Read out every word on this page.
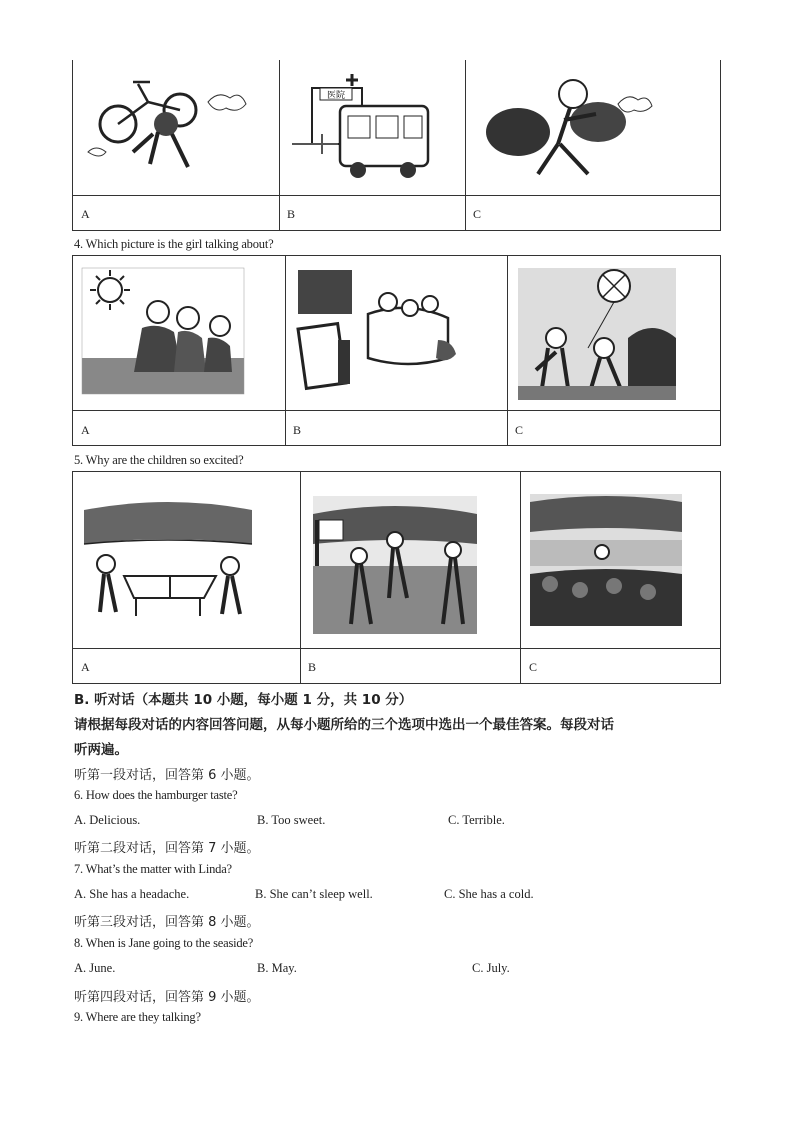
医院
A	B	C
4. Which picture is the girl talking about?
A	B	C
5. Why are the children so excited?
A	B	C
B. 听对话（本题共 10 小题，每小题 1 分，共 10 分）
请根据每段对话的内容回答问题，从每小题所给的三个选项中选出一个最佳答案。每段对话
听两遍。
听第一段对话，回答第 6 小题。
6. How does the hamburger taste?
A. Delicious.	B. Too sweet.	C. Terrible.
听第二段对话，回答第 7 小题。
7. What’s the matter with Linda?
A. She has a headache.	B. She can’t sleep well.	C. She has a cold.
听第三段对话，回答第 8 小题。
8. When is Jane going to the seaside?
A. June.	B. May.	C. July.
听第四段对话，回答第 9 小题。
9. Where are they talking?
